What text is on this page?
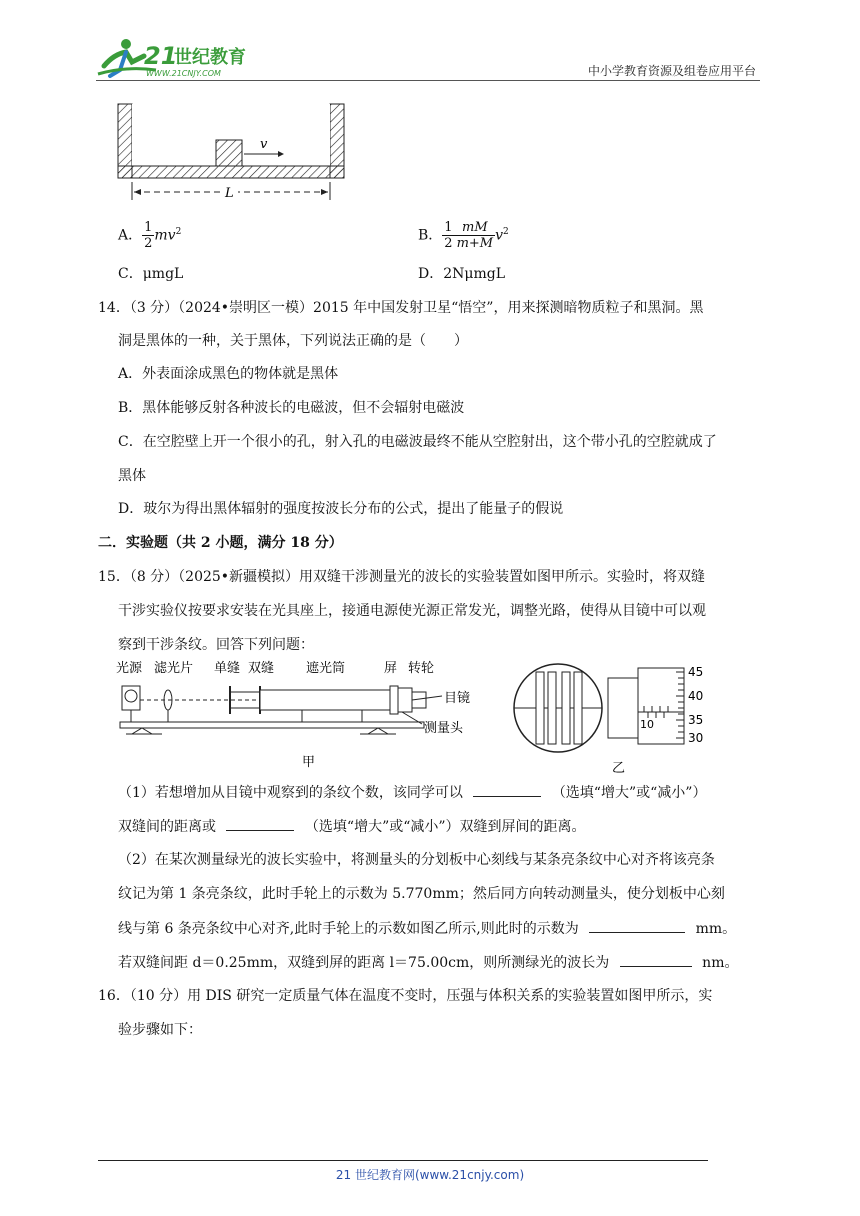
21
世纪教育
WWW.21CNJY.COM	中小学教育资源及组卷应用平台
v
L
A． $\frac{1}{2} mv^2$	B． $\frac{1}{2} \frac{mM}{m+M} v^2$
C．μmgL	D．2NμmgL
14．（3 分）（2024•崇明区一模）2015 年中国发射卫星“悟空”，用来探测暗物质粒子和黑洞。黑
洞是黑体的一种，关于黑体，下列说法正确的是（　　）
A．外表面涂成黑色的物体就是黑体
B．黑体能够反射各种波长的电磁波，但不会辐射电磁波
C．在空腔壁上开一个很小的孔，射入孔的电磁波最终不能从空腔射出，这个带小孔的空腔就成了
黑体
D．玻尔为得出黑体辐射的强度按波长分布的公式，提出了能量子的假说
二．实验题（共 2 小题，满分 18 分）
15．（8 分）（2025•新疆模拟）用双缝干涉测量光的波长的实验装置如图甲所示。实验时，将双缝
干涉实验仪按要求安装在光具座上，接通电源使光源正常发光，调整光路，使得从目镜中可以观
察到干涉条纹。回答下列问题：
光源 滤光片 单缝 双缝 遮光筒	屏 转轮
目镜
测量头
甲
10
45
40
35
30
乙
（1）若想增加从目镜中观察到的条纹个数，该同学可以	（选填“增大”或“减小”）
双缝间的距离或	（选填“增大”或“减小”）双缝到屏间的距离。
（2）在某次测量绿光的波长实验中，将测量头的分划板中心刻线与某条亮条纹中心对齐将该亮条
纹记为第 1 条亮条纹，此时手轮上的示数为 5.770mm；然后同方向转动测量头，使分划板中心刻
线与第 6 条亮条纹中心对齐,此时手轮上的示数如图乙所示,则此时的示数为	mm。
若双缝间距 d＝0.25mm，双缝到屏的距离 l＝75.00cm，则所测绿光的波长为	nm。
16．（10 分）用 DIS 研究一定质量气体在温度不变时，压强与体积关系的实验装置如图甲所示，实
验步骤如下：
21 世纪教育网(www.21cnjy.com)
